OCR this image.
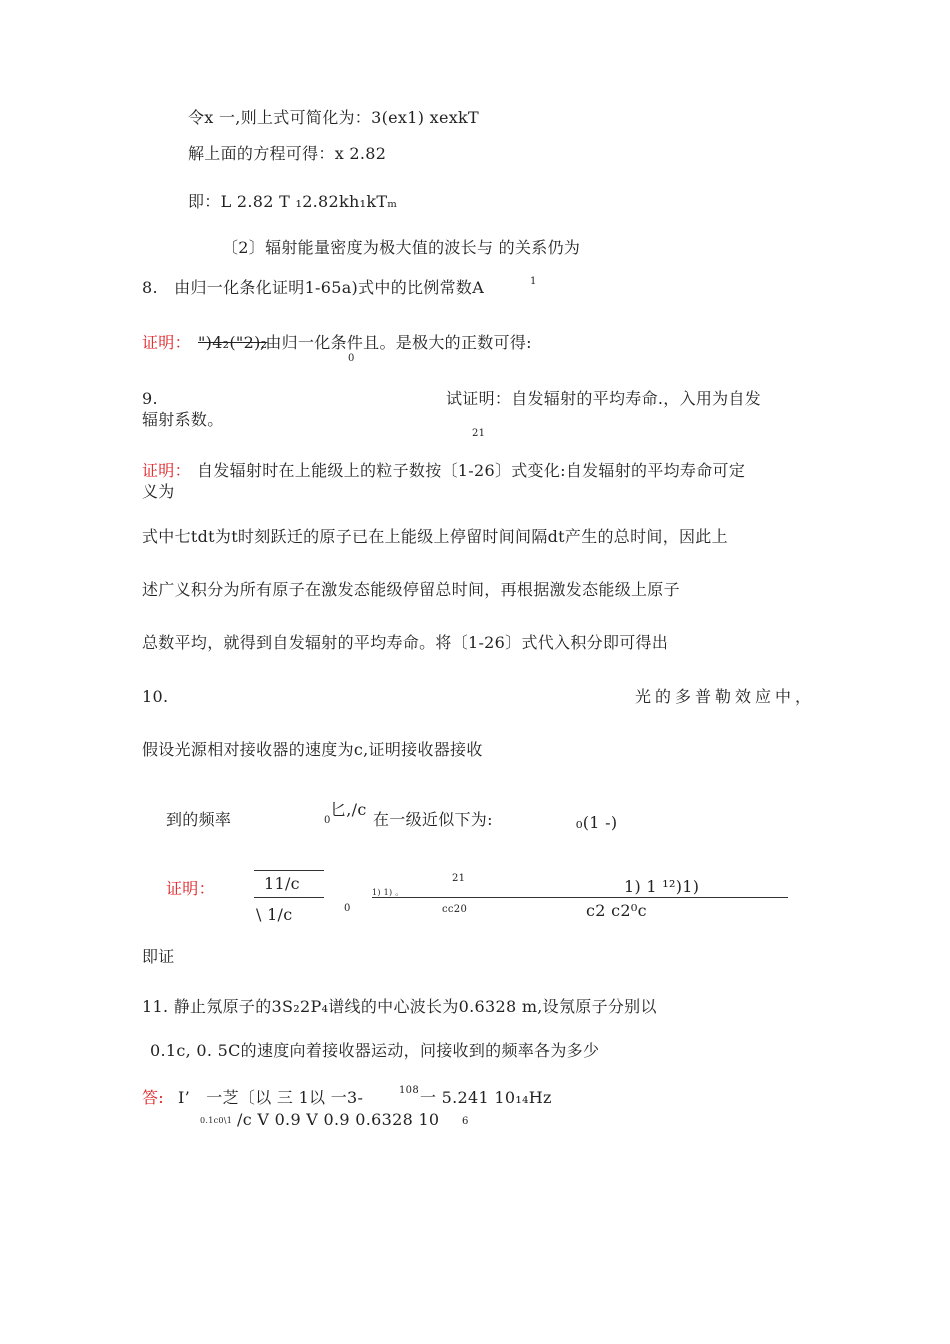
令x 一,则上式可简化为：3(ex1) xexkT
解上面的方程可得：x 2.82
即：L 2.82 T ₁2.82kh₁kTₘ
〔2〕辐射能量密度为极大值的波长与 的关系仍为
8.　由归一化条化证明1-65a)式中的比例常数A	1
证明： ")4₂("2)₂
,由归一化条件且。是极大的正数可得:
0
9.	试证明：自发辐射的平均寿命.，入用为自发
辐射系数。
21
证明： 自发辐射时在上能级上的粒子数按〔1-26〕式变化:自发辐射的平均寿命可定
义为
式中七tdt为t时刻跃迁的原子已在上能级上停留时间间隔dt产生的总时间，因此上
述广义积分为所有原子在激发态能级停留总时间，再根据激发态能级上原子
总数平均，就得到自发辐射的平均寿命。将〔1-26〕式代入积分即可得出
10.	光的多普勒效应中，
假设光源相对接收器的速度为c,证明接收器接收
到的频率	0
匕,/c
在一级近似下为:	₀(1 -)
证明：	11/c
\ 1/c	0
21
1) 1) 。
cc20
1) 1 ¹²)1)
c2 c2⁰c
即证
11. 静止氖原子的3S₂2P₄谱线的中心波长为0.6328 m,设氖原子分别以
0.1c, 0. 5C的速度向着接收器运动，问接收到的频率各为多少
答: I’　一芝〔以 三 1以 一3-	108 一 5.241 10₁₄Hz
0.1c0\1 /c V 0.9 V 0.9 0.6328 10 6
